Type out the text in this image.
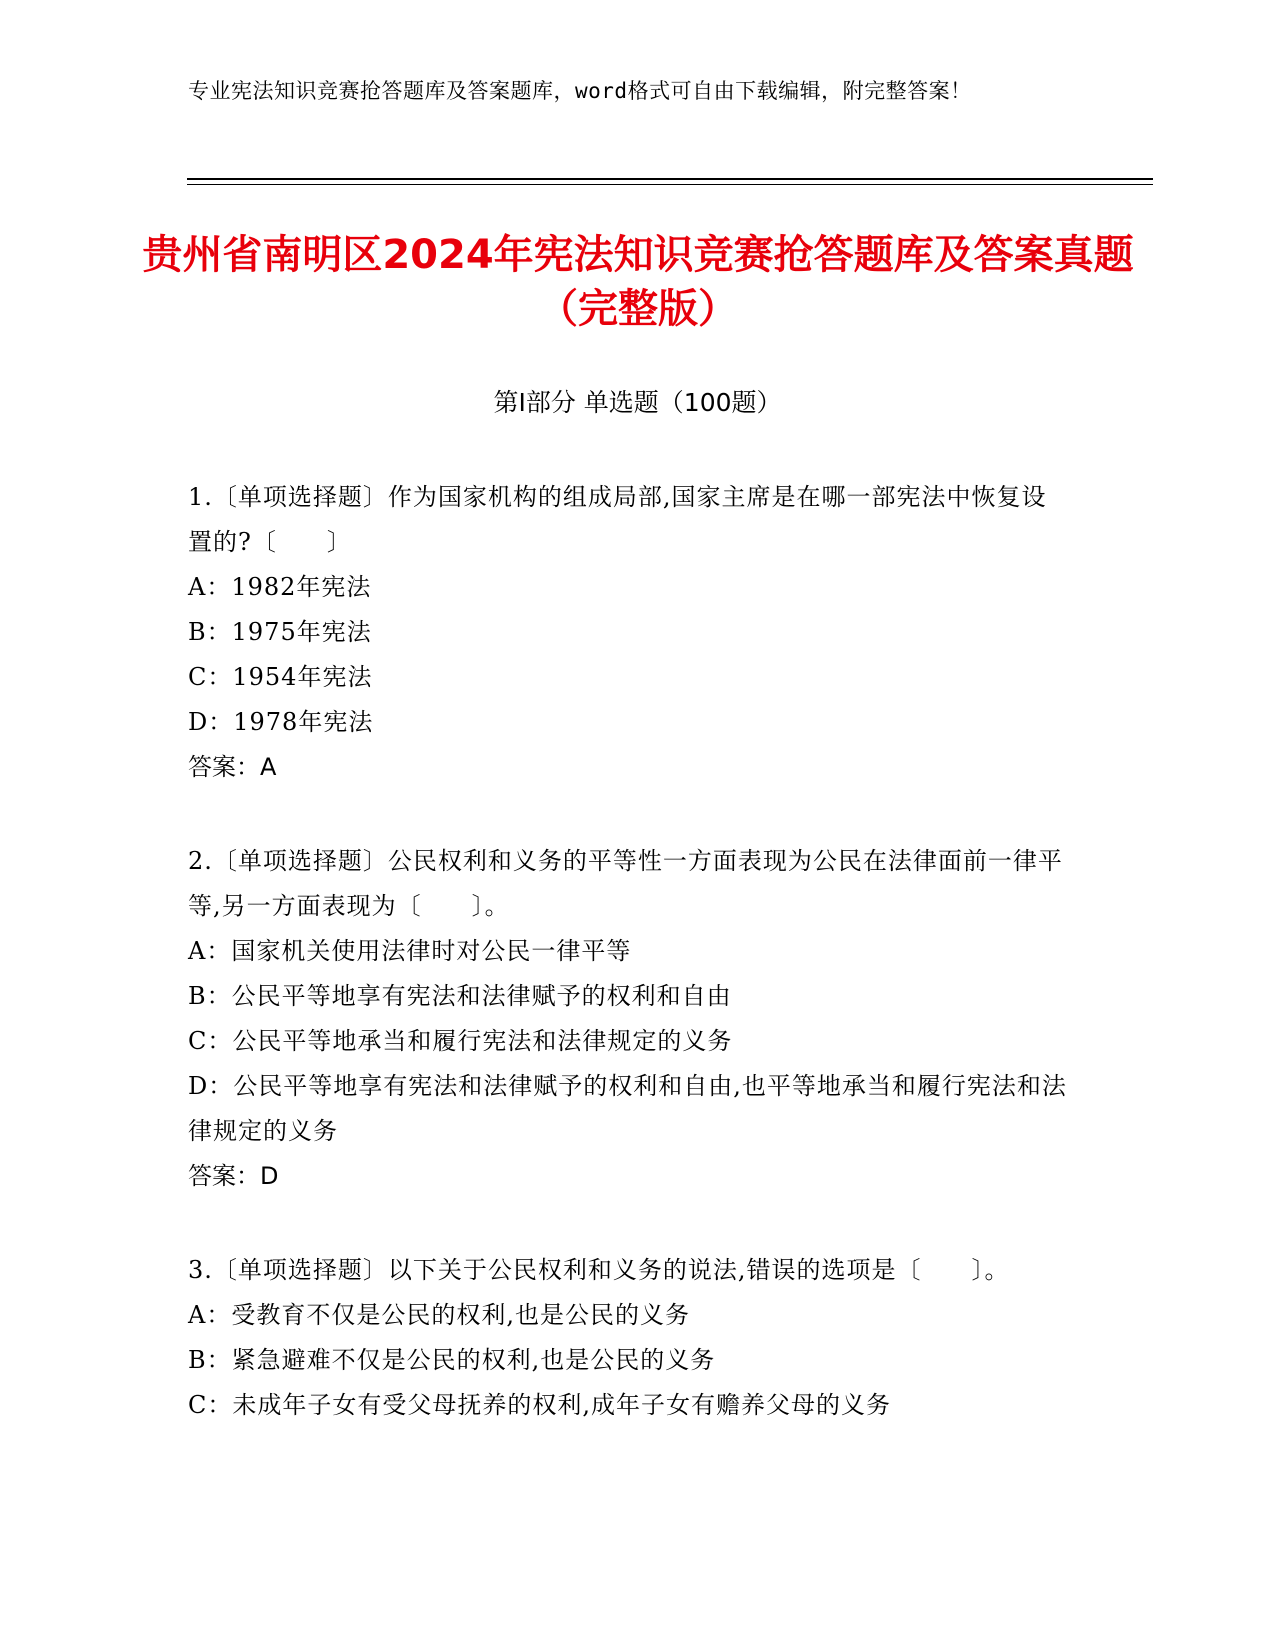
专业宪法知识竞赛抢答题库及答案题库，word格式可自由下载编辑，附完整答案！
贵州省南明区2024年宪法知识竞赛抢答题库及答案真题（完整版）
第I部分 单选题（100题）
1.〔单项选择题〕作为国家机构的组成局部,国家主席是在哪一部宪法中恢复设置的?〔　　〕
A：1982年宪法
B：1975年宪法
C：1954年宪法
D：1978年宪法
答案：A
2.〔单项选择题〕公民权利和义务的平等性一方面表现为公民在法律面前一律平等,另一方面表现为〔　　〕。
A：国家机关使用法律时对公民一律平等
B：公民平等地享有宪法和法律赋予的权利和自由
C：公民平等地承当和履行宪法和法律规定的义务
D：公民平等地享有宪法和法律赋予的权利和自由,也平等地承当和履行宪法和法律规定的义务
答案：D
3.〔单项选择题〕以下关于公民权利和义务的说法,错误的选项是〔　　〕。
A：受教育不仅是公民的权利,也是公民的义务
B：紧急避难不仅是公民的权利,也是公民的义务
C：未成年子女有受父母抚养的权利,成年子女有赡养父母的义务
